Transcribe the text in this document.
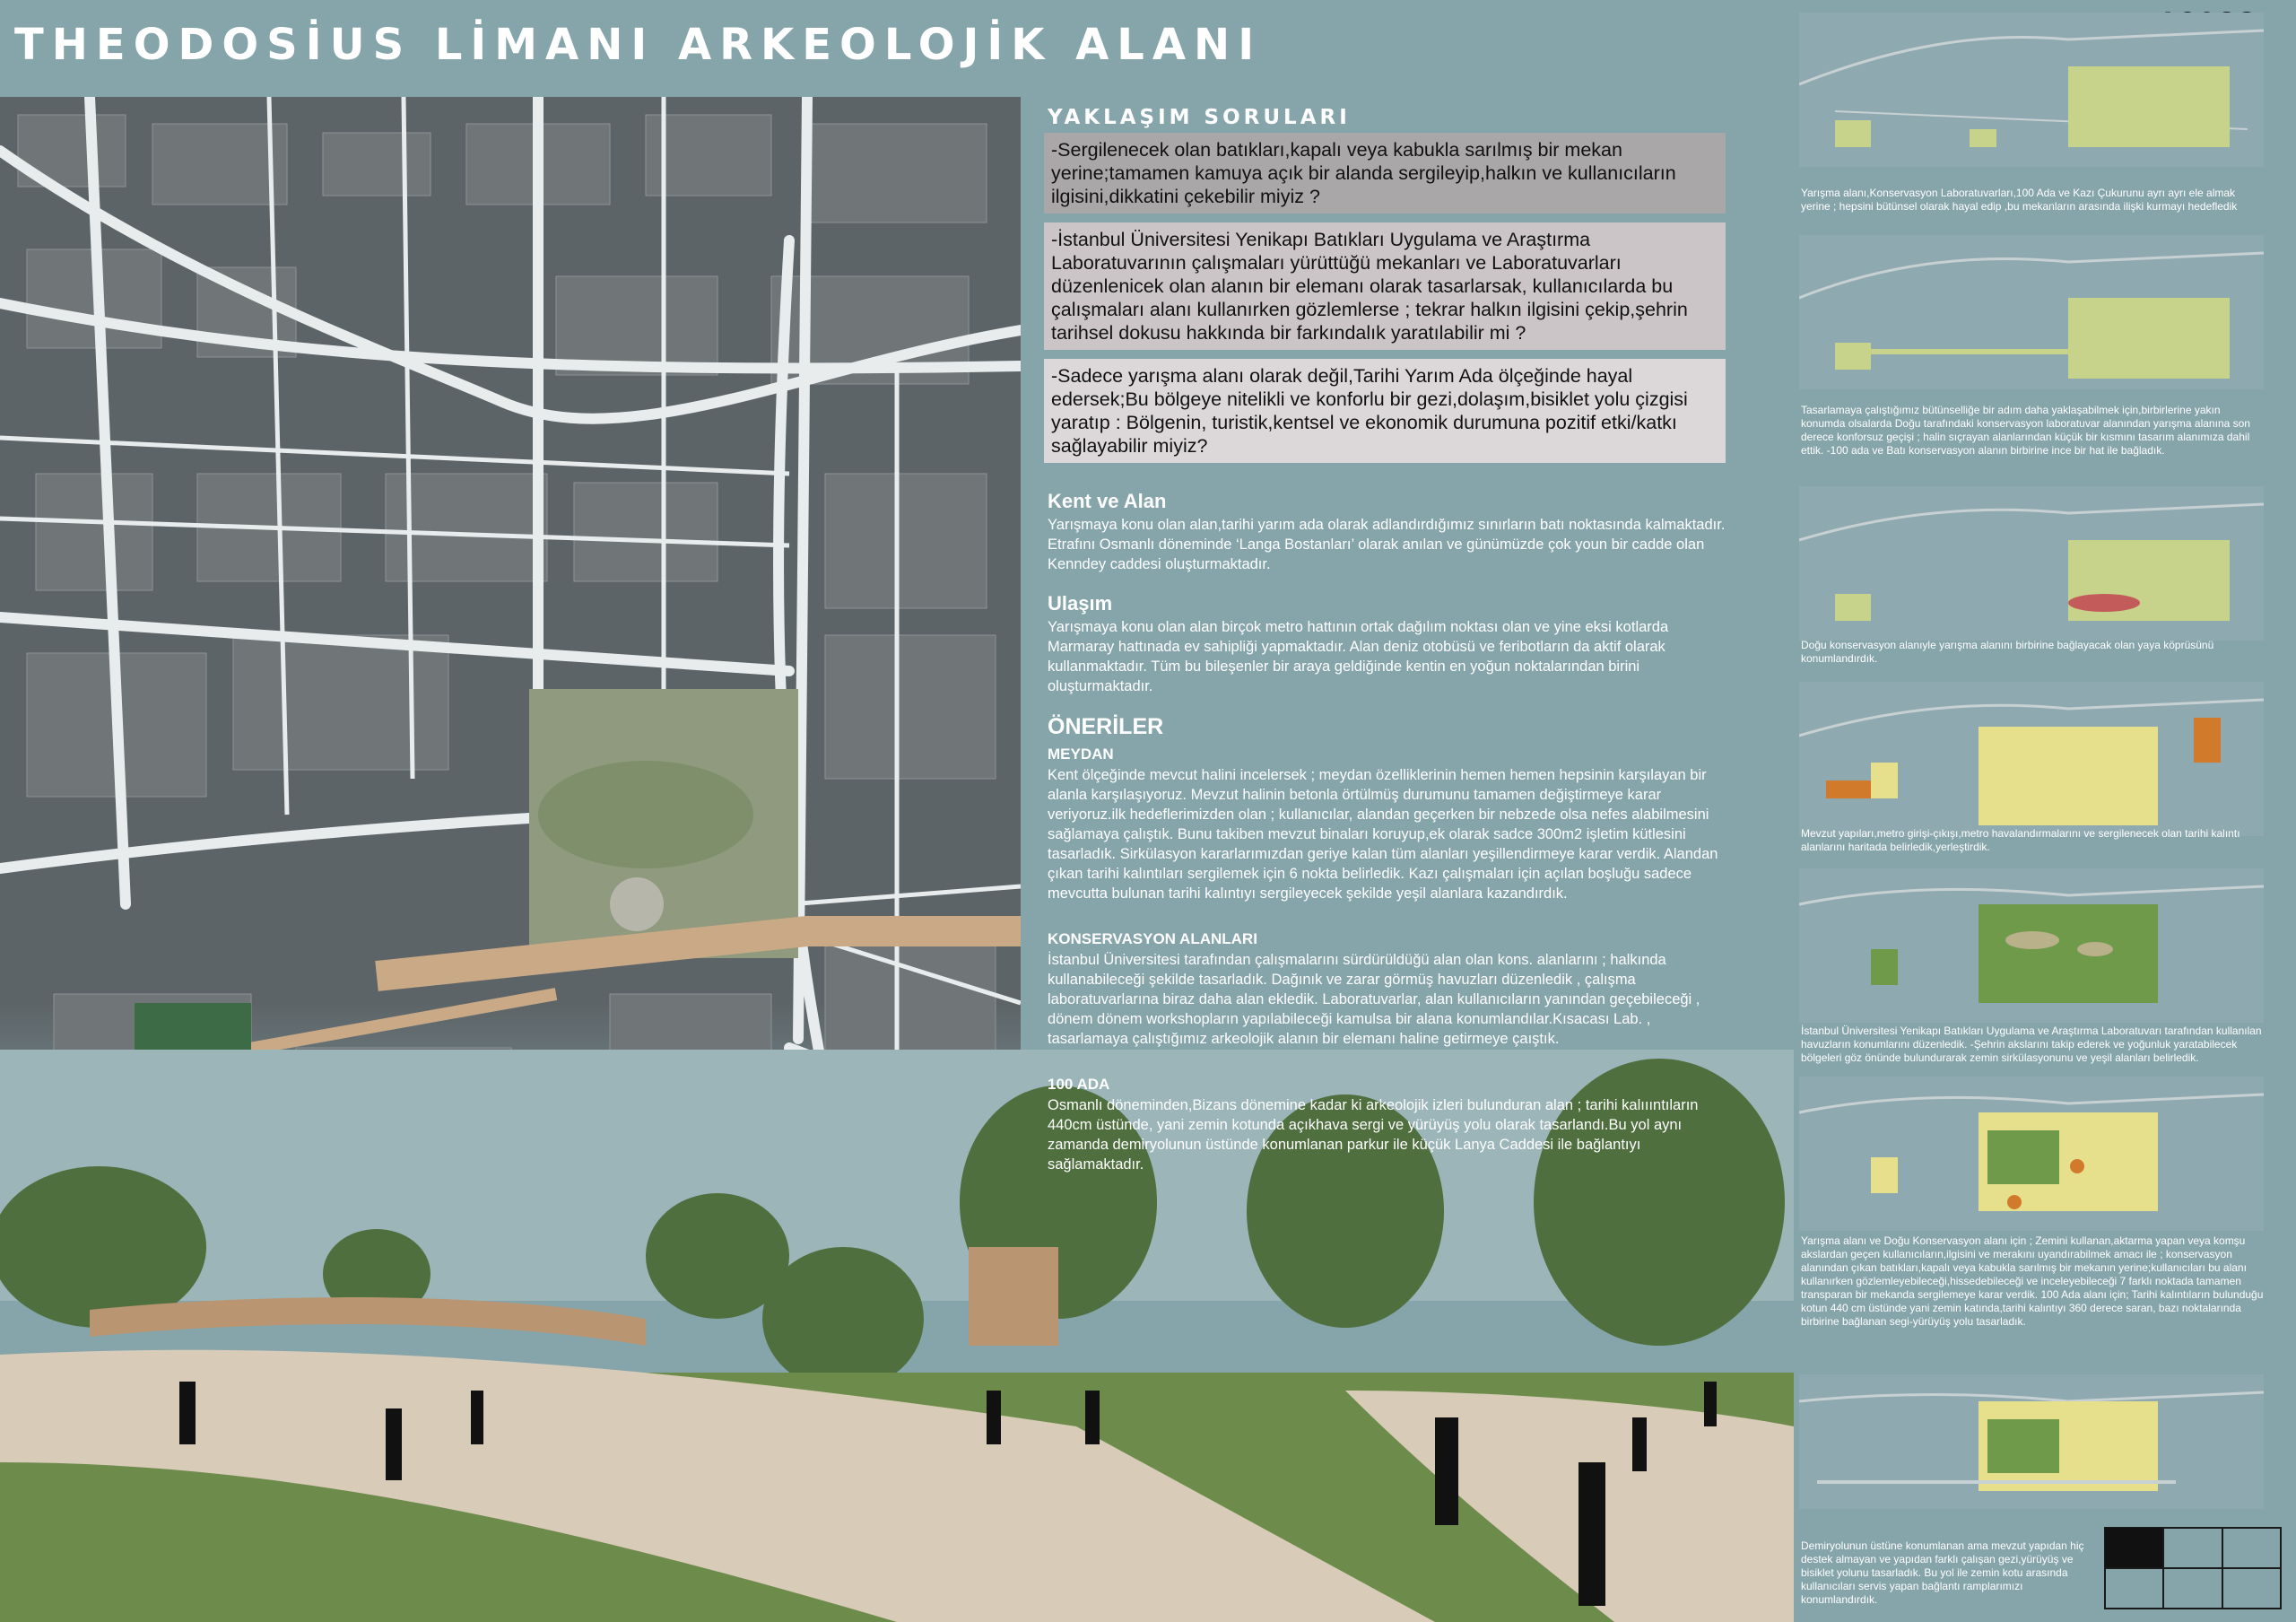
THEODOSİUS LİMANI ARKEOLOJİK ALANI
YAKLAŞIM SORULARI
-Sergilenecek olan batıkları,kapalı veya kabukla sarılmış bir mekan yerine;tamamen kamuya açık bir alanda sergileyip,halkın ve kullanıcıların ilgisini,dikkatini çekebilir miyiz ?
-İstanbul Üniversitesi Yenikapı Batıkları Uygulama ve Araştırma Laboratuvarının çalışmaları yürüttüğü mekanları ve Laboratuvarları düzenlenicek olan alanın bir elemanı olarak tasarlarsak, kullanıcılarda bu çalışmaları alanı kullanırken gözlemlerse ; tekrar halkın ilgisini çekip,şehrin tarihsel dokusu hakkında bir farkındalık yaratılabilir mi ?
-Sadece yarışma alanı olarak değil,Tarihi Yarım Ada ölçeğinde hayal edersek;Bu bölgeye nitelikli ve konforlu bir gezi,dolaşım,bisiklet yolu çizgisi yaratıp : Bölgenin, turistik,kentsel ve ekonomik durumuna pozitif etki/katkı sağlayabilir miyiz?
Kent ve Alan

Yarışmaya konu olan alan,tarihi yarım ada olarak adlandırdığımız sınırların batı noktasında kalmaktadır. Etrafını Osmanlı döneminde ‘Langa Bostanları’ olarak anılan ve günümüzde çok youn bir cadde olan Kenndey caddesi oluşturmaktadır.

Ulaşım

Yarışmaya konu olan alan birçok metro hattının ortak dağılım noktası olan ve yine eksi kotlarda Marmaray hattınada ev sahipliği yapmaktadır. Alan deniz otobüsü ve feribotların da aktif olarak kullanmaktadır. Tüm bu bileşenler bir araya geldiğinde kentin en yoğun noktalarından birini oluşturmaktadır.

ÖNERİLER
MEYDAN

Kent ölçeğinde mevcut halini incelersek ; meydan özelliklerinin hemen hemen hepsinin karşılayan bir alanla karşılaşıyoruz. Mevzut halinin betonla örtülmüş durumunu tamamen değiştirmeye karar veriyoruz.ilk hedeflerimizden olan ; kullanıcılar, alandan geçerken bir nebzede olsa nefes alabilmesini sağlamaya çalıştık. Bunu takiben mevzut binaları koruyup,ek olarak sadce 300m2 işletim kütlesini tasarladık. Sirkülasyon kararlarımızdan geriye kalan tüm alanları yeşillendirmeye karar verdik. Alandan çıkan tarihi kalıntıları sergilemek için 6 nokta belirledik. Kazı çalışmaları için açılan boşluğu sadece mevcutta bulunan tarihi kalıntıyı sergileyecek şekilde yeşil alanlara kazandırdık.

KONSERVASYON ALANLARI

İstanbul Üniversitesi tarafından çalışmalarını sürdürüldüğü alan olan kons. alanlarını ; halkında kullanabileceği şekilde tasarladık. Dağınık ve zarar görmüş havuzları düzenledik , çalışma laboratuvarlarına biraz daha alan ekledik. Laboratuvarlar, alan kullanıcıların yanından geçebileceği , dönem dönem workshopların yapılabileceği kamulsa bir alana konumlandılar.Kısacası Lab. , tasarlamaya çalıştığımız arkeolojik alanın bir elemanı haline getirmeye çaıştık.

100 ADA

Osmanlı döneminden,Bizans dönemine kadar ki arkeolojik izleri bulunduran alan ; tarihi kalıııntıların 440cm üstünde, yani zemin kotunda açıkhava sergi ve yürüyüş yolu olarak tasarlandı.Bu yol aynı zamanda demiryolunun üstünde konumlanan parkur ile küçük Lanya Caddesi ile bağlantıyı sağlamaktadır.

Yarışma alanı,Konservasyon Laboratuvarları,100 Ada ve Kazı Çukurunu ayrı ayrı ele almak yerine ; hepsini bütünsel olarak hayal edip ,bu mekanların arasında ilişki kurmayı hedefledik
Tasarlamaya çalıştığımız bütünselliğe bir adım daha yaklaşabilmek için,birbirlerine yakın konumda olsalarda Doğu tarafındaki konservasyon laboratuvar alanından yarışma alanına son derece konforsuz geçişi ; halin sıçrayan alanlarından küçük bir kısmını tasarım alanımıza dahil ettik. -100 ada ve Batı konservasyon alanın birbirine ince bir hat ile bağladık.
Doğu konservasyon alanıyle yarışma alanını birbirine bağlayacak olan yaya köprüsünü konumlandırdık.
Mevzut yapıları,metro girişi-çıkışı,metro havalandırmalarını ve sergilenecek olan tarihi kalıntı alanlarını haritada belirledik,yerleştirdik.
İstanbul Üniversitesi Yenikapı Batıkları Uygulama ve Araştırma Laboratuvarı tarafından kullanılan havuzların konumlarını düzenledik. -Şehrin akslarını takip ederek ve yoğunluk yaratabilecek bölgeleri göz önünde bulundurarak zemin sirkülasyonunu ve yeşil alanları belirledik.
Yarışma alanı ve Doğu Konservasyon alanı için ; Zemini kullanan,aktarma yapan veya komşu akslardan geçen kullanıcıların,ilgisini ve merakını uyandırabilmek amacı ile ; konservasyon alanından çıkan batıkları,kapalı veya kabukla sarılmış bir mekanın yerine;kullanıcıları bu alanı kullanırken gözlemleyebileceği,hissedebileceği ve inceleyebileceği 7 farklı noktada tamamen transparan bir mekanda sergilemeye karar verdik. 100 Ada alanı için; Tarihi kalıntıların bulunduğu kotun 440 cm üstünde yani zemin katında,tarihi kalıntıyı 360 derece saran, bazı noktalarında birbirine bağlanan segi-yürüyüş yolu tasarladık.
Demiryolunun üstüne konumlanan ama mevzut yapıdan hiç destek almayan ve yapıdan farklı çalışan gezi,yürüyüş ve bisiklet yolunu tasarladık. Bu yol ile zemin kotu arasında kullanıcıları servis yapan bağlantı ramplarımızı konumlandırdık.
